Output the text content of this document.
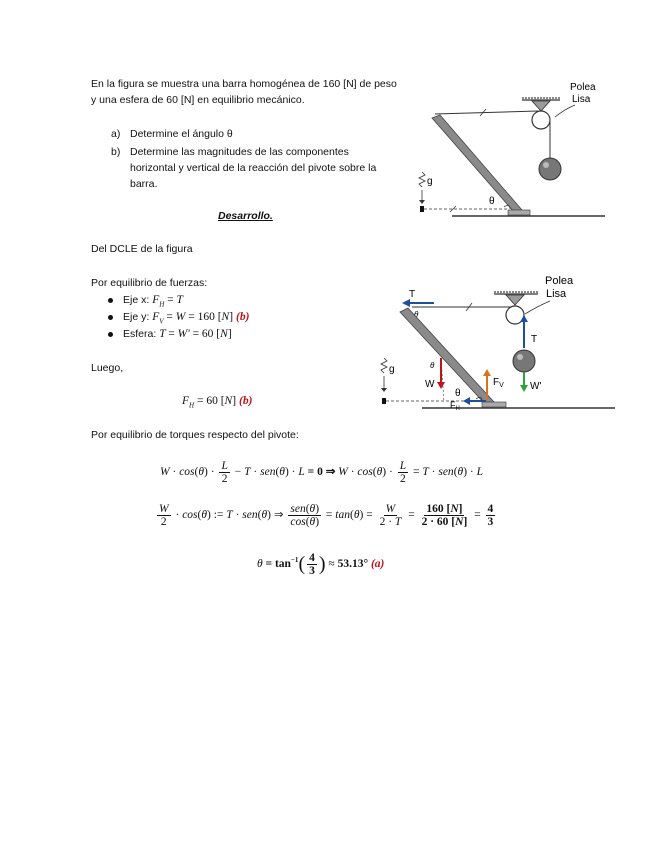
En la figura se muestra una barra homogénea de 160 [N] de peso
y una esfera de 60 [N] en equilibrio mecánico.
a) Determine el ángulo θ
b) Determine las magnitudes de las componentes
horizontal y vertical de la reacción del pivote sobre la
barra.
Desarrollo.
Del DCLE de la figura
Por equilibrio de fuerzas:
Eje x: $F_H = T$
Eje y: $F_V = W = 160$ [N] (b)
Esfera: T = W' = 60 [N]
Luego,
$F_H = 60$ [N] (b)
Por equilibrio de torques respecto del pivote:
$W \cdot \cos(\theta) \cdot \frac{L}{2} - T \cdot sen(\theta) \cdot L = 0$ ⇒ $W \cdot \cos(\theta) \cdot \frac{L}{2} = T \cdot sen(\theta) \cdot L$
$\frac{W}{2} \cdot \cos(\theta)$ := T · sen(θ) ⇒ $\frac{\text{sen(θ)}}{\cos(\theta)} = \tan(\theta) = \frac{W}{2 \cdot T} = \frac{160 [N]}{2 \cdot 60 [N]} = \frac{4}{3}$
$\theta = \tan^{-1}( \frac{4}{3}$ ) ≈ 53.13° (a)
g
θ
Polea
Lisa
T
θ
g
W
θ
$F_V$
$F_H$
θ
T
W'
Polea
Lisa
